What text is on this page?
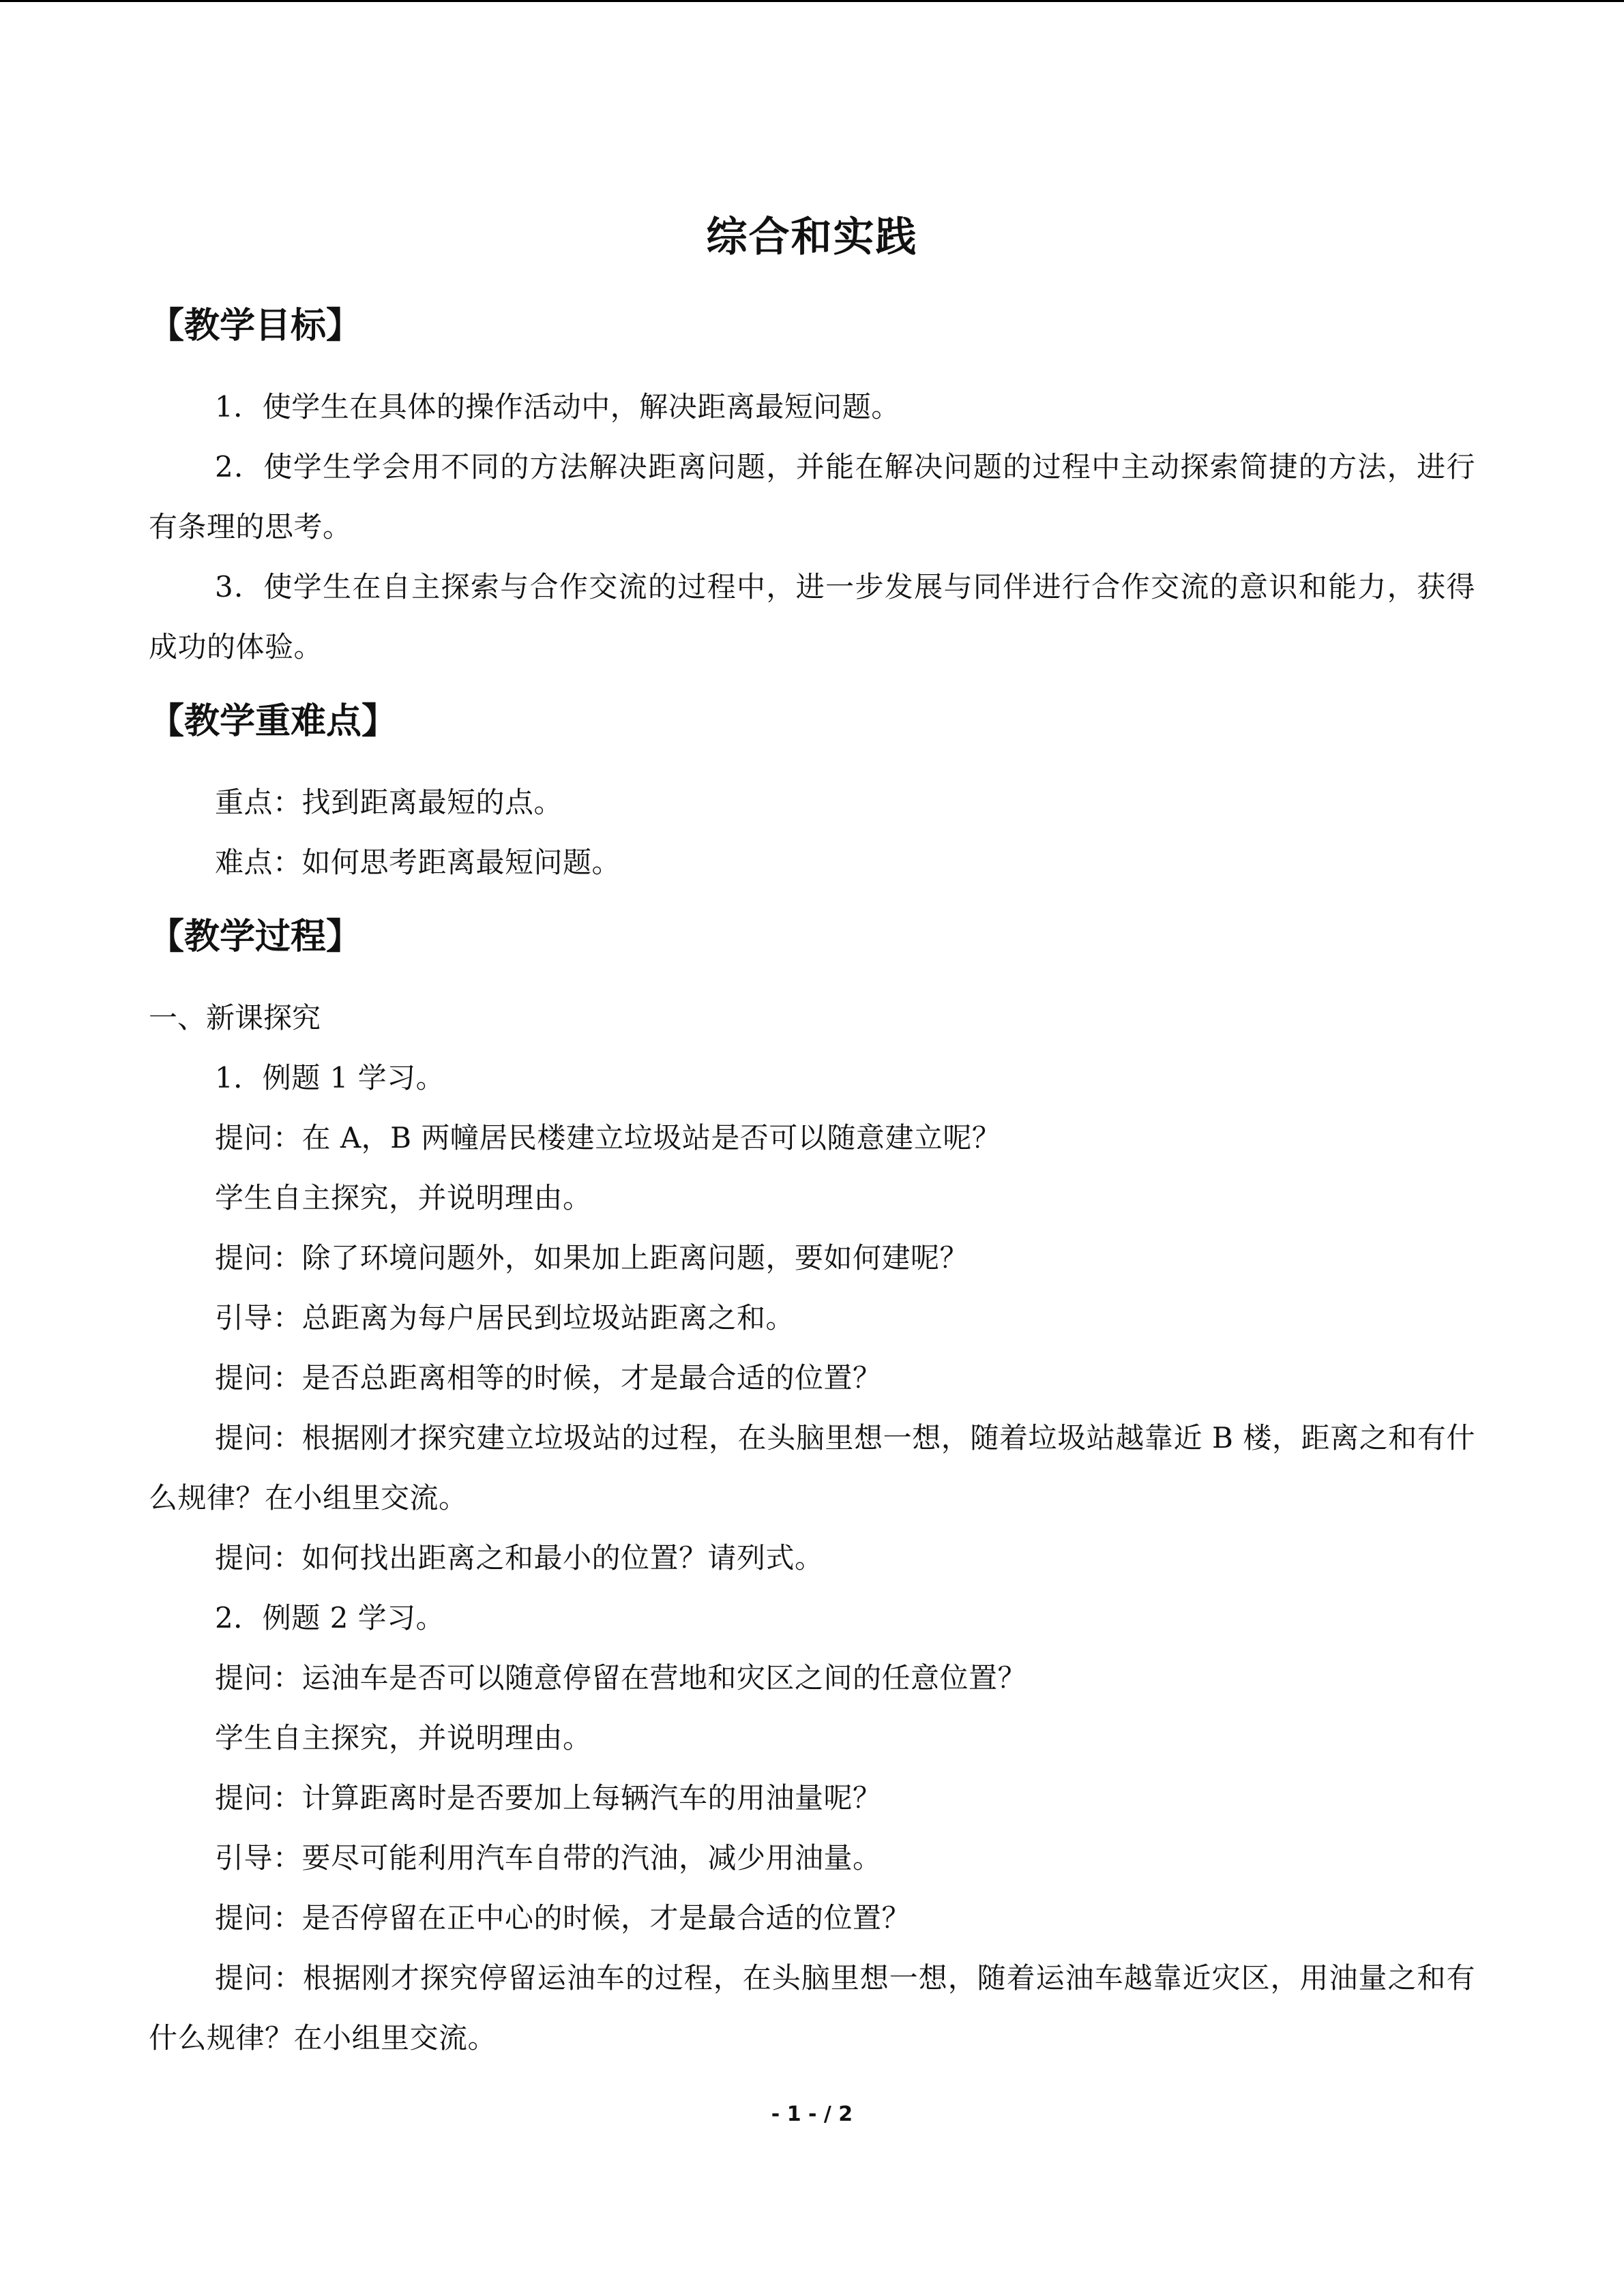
综合和实践
【教学目标】

1．使学生在具体的操作活动中，解决距离最短问题。

2．使学生学会用不同的方法解决距离问题，并能在解决问题的过程中主动探索简捷的方法，进行有条理的思考。

3．使学生在自主探索与合作交流的过程中，进一步发展与同伴进行合作交流的意识和能力，获得成功的体验。

【教学重难点】

重点：找到距离最短的点。

难点：如何思考距离最短问题。

【教学过程】

一、新课探究

1．例题 1 学习。

提问：在 A，B 两幢居民楼建立垃圾站是否可以随意建立呢？

学生自主探究，并说明理由。

提问：除了环境问题外，如果加上距离问题，要如何建呢？

引导：总距离为每户居民到垃圾站距离之和。

提问：是否总距离相等的时候，才是最合适的位置？

提问：根据刚才探究建立垃圾站的过程，在头脑里想一想，随着垃圾站越靠近 B 楼，距离之和有什么规律？在小组里交流。

提问：如何找出距离之和最小的位置？请列式。

2．例题 2 学习。

提问：运油车是否可以随意停留在营地和灾区之间的任意位置？

学生自主探究，并说明理由。

提问：计算距离时是否要加上每辆汽车的用油量呢？

引导：要尽可能利用汽车自带的汽油，减少用油量。

提问：是否停留在正中心的时候，才是最合适的位置？

提问：根据刚才探究停留运油车的过程，在头脑里想一想，随着运油车越靠近灾区，用油量之和有什么规律？在小组里交流。

- 1 - / 2
